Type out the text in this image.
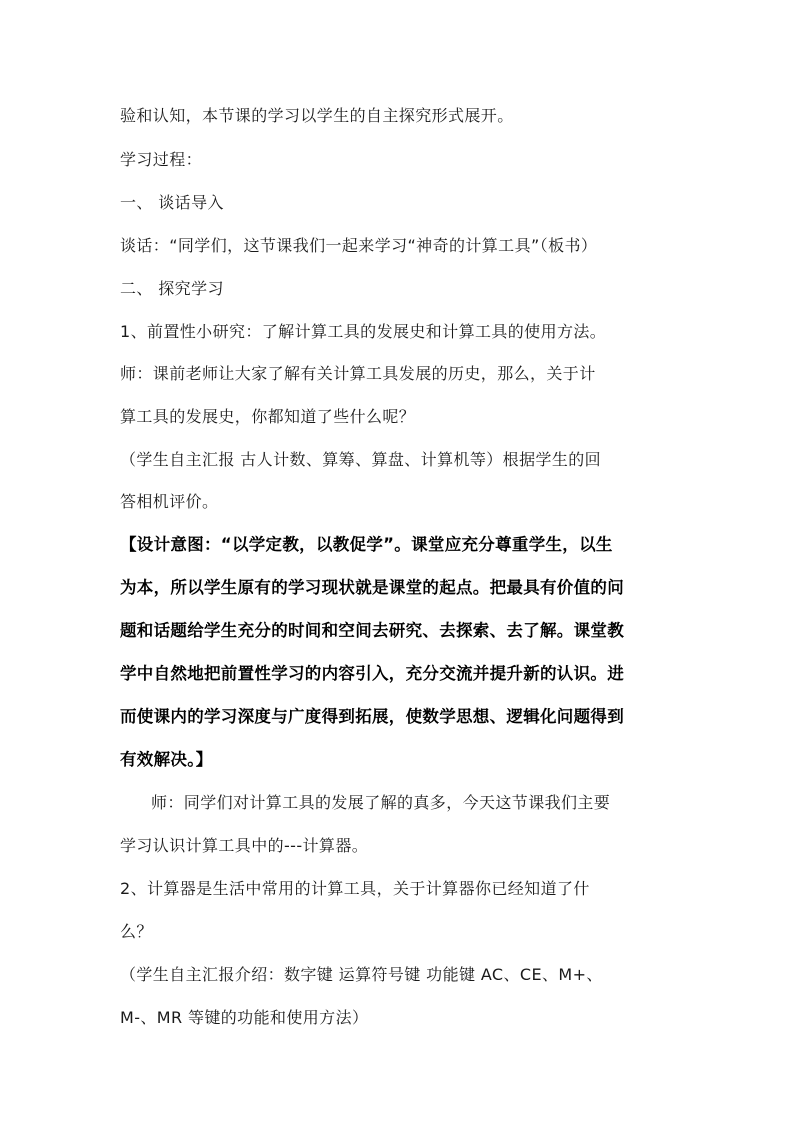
验和认知，本节课的学习以学生的自主探究形式展开。
学习过程：
一、 谈话导入
谈话：“同学们，这节课我们一起来学习“神奇的计算工具”（板书）
二、 探究学习
1、前置性小研究：了解计算工具的发展史和计算工具的使用方法。
师：课前老师让大家了解有关计算工具发展的历史，那么，关于计
算工具的发展史，你都知道了些什么呢？
（学生自主汇报 古人计数、算筹、算盘、计算机等）根据学生的回
答相机评价。
【设计意图：“以学定教，以教促学”。课堂应充分尊重学生，以生
为本，所以学生原有的学习现状就是课堂的起点。把最具有价值的问
题和话题给学生充分的时间和空间去研究、去探索、去了解。课堂教
学中自然地把前置性学习的内容引入，充分交流并提升新的认识。进
而使课内的学习深度与广度得到拓展，使数学思想、逻辑化问题得到
有效解决。】
师：同学们对计算工具的发展了解的真多，今天这节课我们主要
学习认识计算工具中的---计算器。
2、计算器是生活中常用的计算工具，关于计算器你已经知道了什
么？
（学生自主汇报介绍：数字键 运算符号键 功能键 AC、CE、M+、
M-、MR 等键的功能和使用方法）
